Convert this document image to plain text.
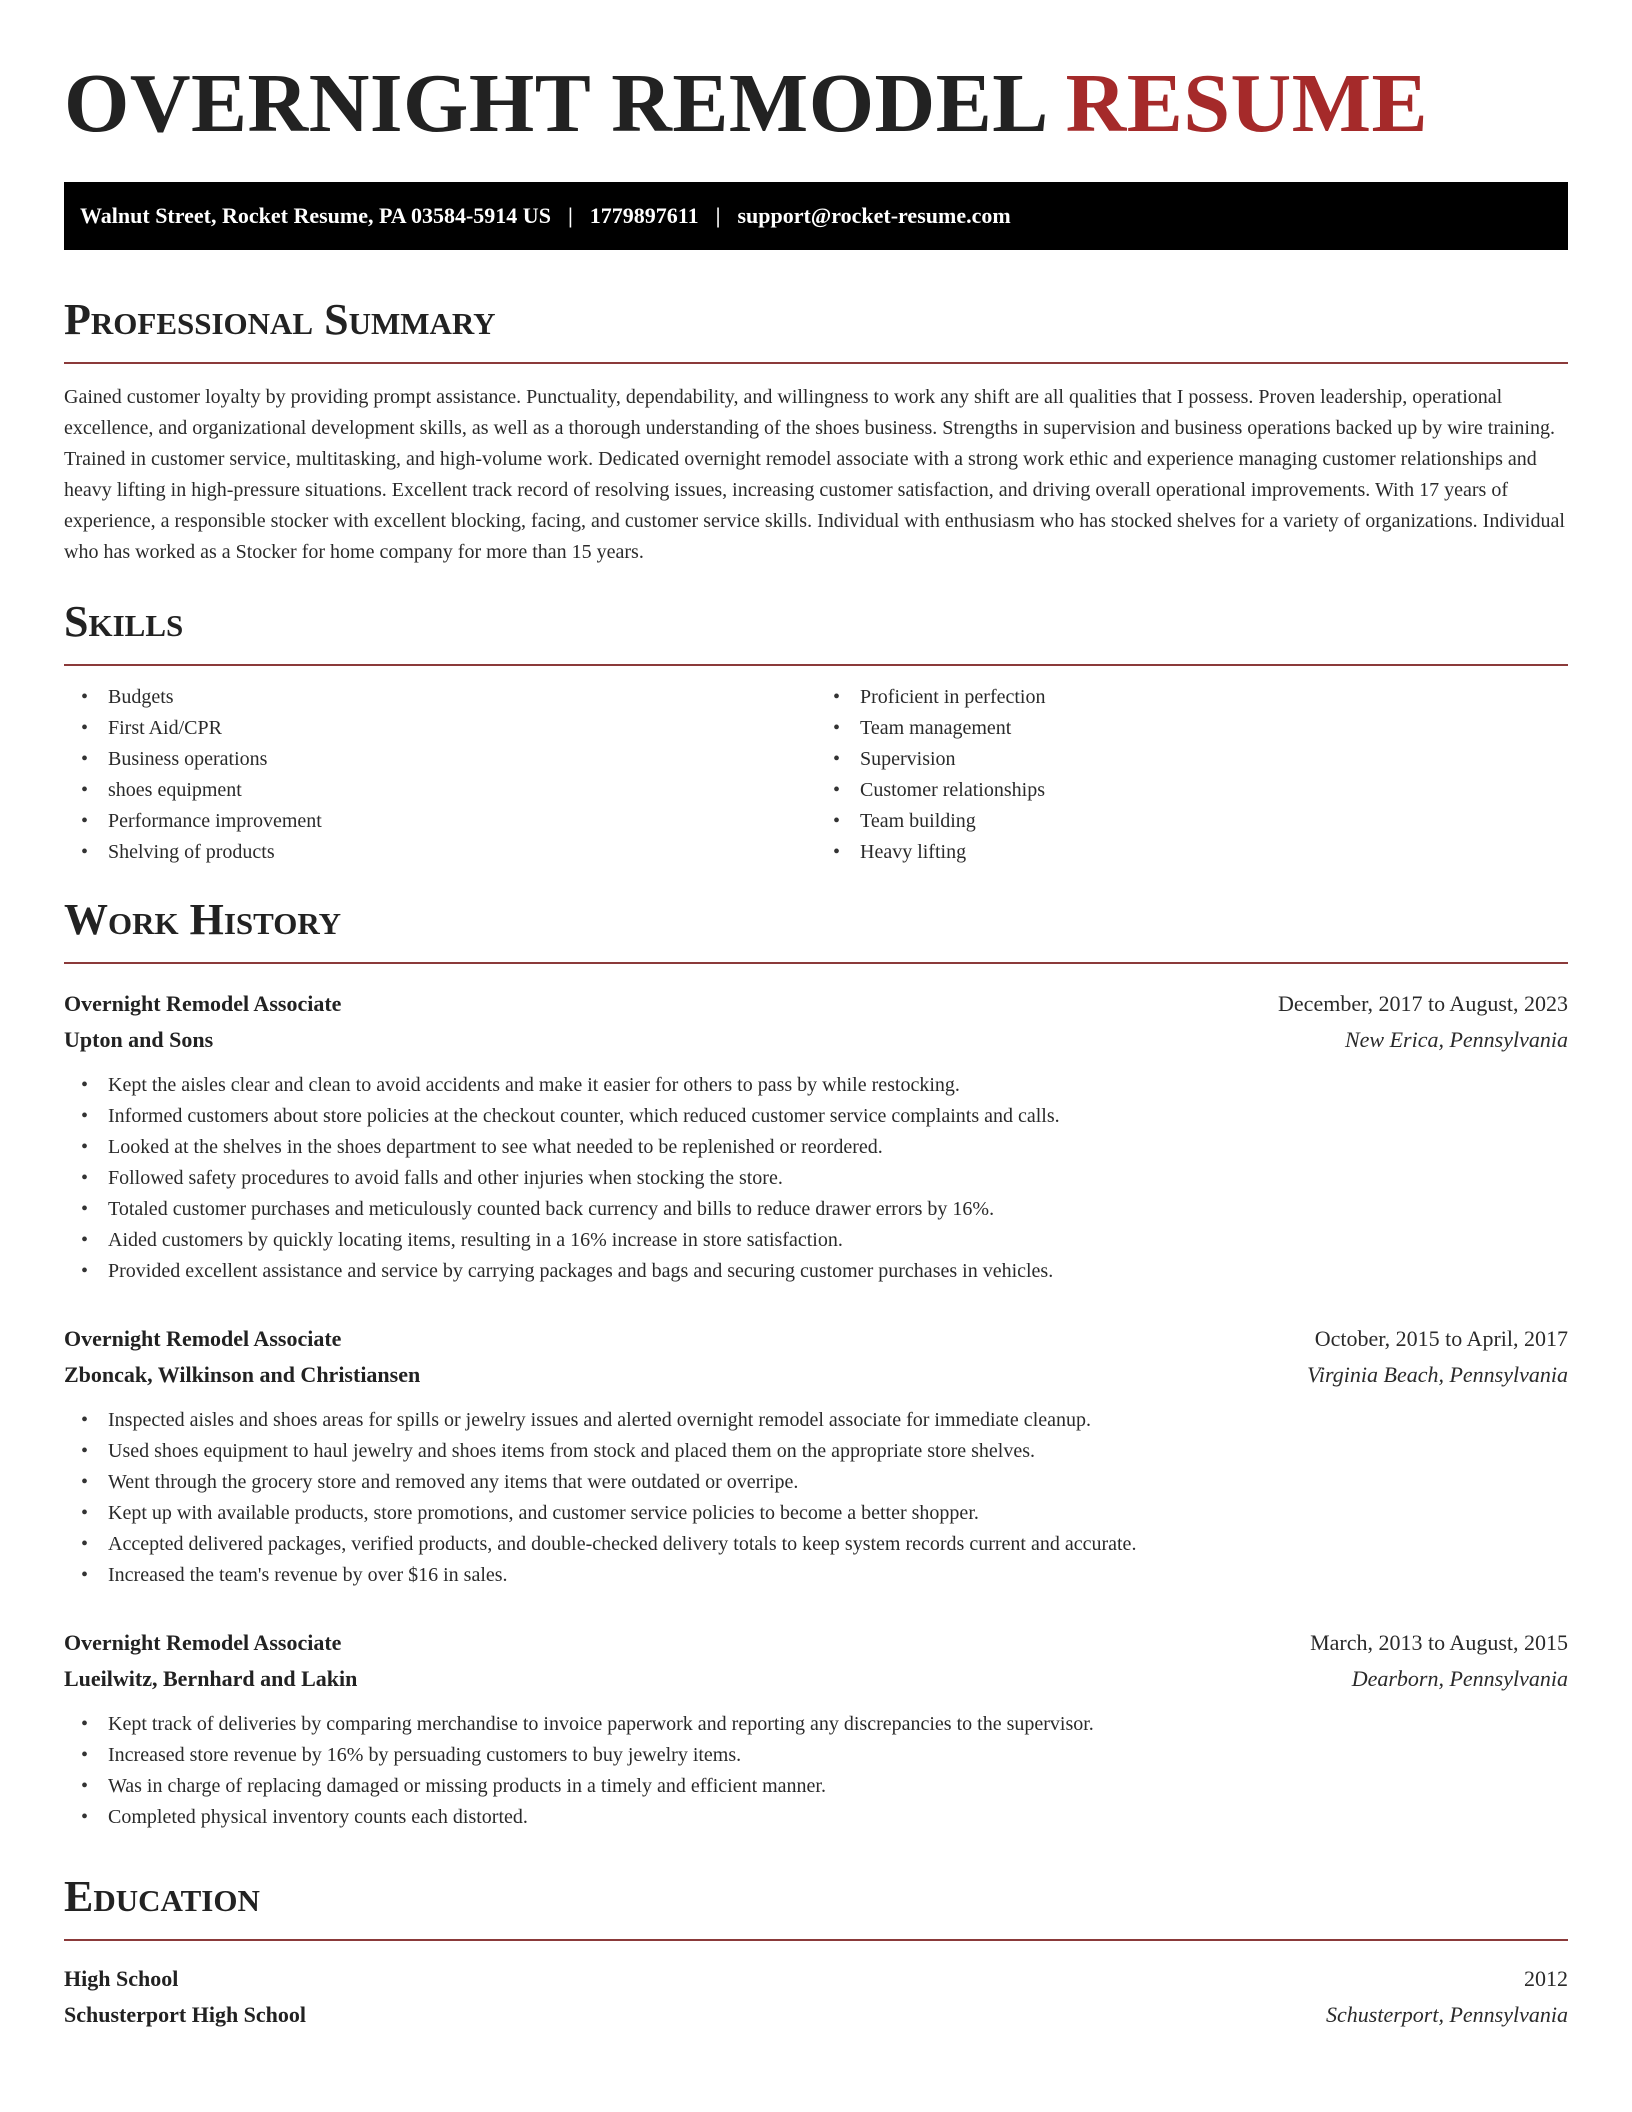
OVERNIGHT REMODEL RESUME
Walnut Street, Rocket Resume, PA 03584-5914 US | 1779897611 | support@rocket-resume.com
Professional Summary

Gained customer loyalty by providing prompt assistance. Punctuality, dependability, and willingness to work any shift are all qualities that I possess. Proven leadership, operational excellence, and organizational development skills, as well as a thorough understanding of the shoes business. Strengths in supervision and business operations backed up by wire training. Trained in customer service, multitasking, and high-volume work. Dedicated overnight remodel associate with a strong work ethic and experience managing customer relationships and heavy lifting in high-pressure situations. Excellent track record of resolving issues, increasing customer satisfaction, and driving overall operational improvements. With 17 years of experience, a responsible stocker with excellent blocking, facing, and customer service skills. Individual with enthusiasm who has stocked shelves for a variety of organizations. Individual who has worked as a Stocker for home company for more than 15 years.

Skills
• Budgets
• First Aid/CPR
• Business operations
• shoes equipment
• Performance improvement
• Shelving of products
• Proficient in perfection
• Team management
• Supervision
• Customer relationships
• Team building
• Heavy lifting
Work History
Overnight Remodel Associate	December, 2017 to August, 2023
Upton and Sons	New Erica, Pennsylvania
• Kept the aisles clear and clean to avoid accidents and make it easier for others to pass by while restocking.
• Informed customers about store policies at the checkout counter, which reduced customer service complaints and calls.
• Looked at the shelves in the shoes department to see what needed to be replenished or reordered.
• Followed safety procedures to avoid falls and other injuries when stocking the store.
• Totaled customer purchases and meticulously counted back currency and bills to reduce drawer errors by 16%.
• Aided customers by quickly locating items, resulting in a 16% increase in store satisfaction.
• Provided excellent assistance and service by carrying packages and bags and securing customer purchases in vehicles.
Overnight Remodel Associate	October, 2015 to April, 2017
Zboncak, Wilkinson and Christiansen	Virginia Beach, Pennsylvania
• Inspected aisles and shoes areas for spills or jewelry issues and alerted overnight remodel associate for immediate cleanup.
• Used shoes equipment to haul jewelry and shoes items from stock and placed them on the appropriate store shelves.
• Went through the grocery store and removed any items that were outdated or overripe.
• Kept up with available products, store promotions, and customer service policies to become a better shopper.
• Accepted delivered packages, verified products, and double-checked delivery totals to keep system records current and accurate.
• Increased the team's revenue by over $16 in sales.
Overnight Remodel Associate	March, 2013 to August, 2015
Lueilwitz, Bernhard and Lakin	Dearborn, Pennsylvania
• Kept track of deliveries by comparing merchandise to invoice paperwork and reporting any discrepancies to the supervisor.
• Increased store revenue by 16% by persuading customers to buy jewelry items.
• Was in charge of replacing damaged or missing products in a timely and efficient manner.
• Completed physical inventory counts each distorted.
Education
High School	2012
Schusterport High School	Schusterport, Pennsylvania
